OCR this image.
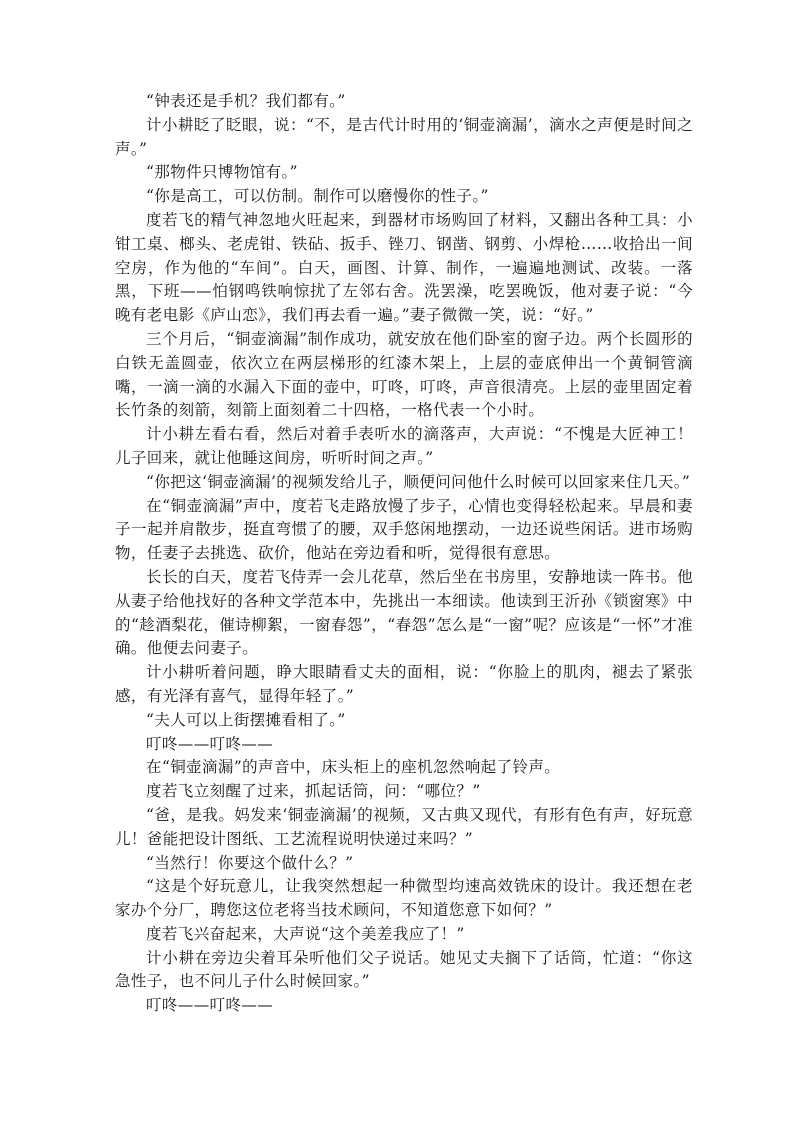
“钟表还是手机？我们都有。”

计小耕眨了眨眼，说：“不，是古代计时用的‘铜壶滴漏’，滴水之声便是时间之声。”

“那物件只博物馆有。”

“你是高工，可以仿制。制作可以磨慢你的性子。”

度若飞的精气神忽地火旺起来，到器材市场购回了材料，又翻出各种工具：小钳工桌、榔头、老虎钳、铁砧、扳手、锉刀、钢凿、钢剪、小焊枪……收拾出一间空房，作为他的“车间”。白天，画图、计算、制作，一遍遍地测试、改装。一落黑，下班——怕钢鸣铁响惊扰了左邻右舍。洗罢澡，吃罢晚饭，他对妻子说：“今晚有老电影《庐山恋》，我们再去看一遍。”妻子微微一笑，说：“好。”

三个月后，“铜壶滴漏”制作成功，就安放在他们卧室的窗子边。两个长圆形的白铁无盖圆壶，依次立在两层梯形的红漆木架上，上层的壶底伸出一个黄铜管滴嘴，一滴一滴的水漏入下面的壶中，叮咚，叮咚，声音很清亮。上层的壶里固定着长竹条的刻箭，刻箭上面刻着二十四格，一格代表一个小时。

计小耕左看右看，然后对着手表听水的滴落声，大声说：“不愧是大匠神工！儿子回来，就让他睡这间房，听听时间之声。”

“你把这‘铜壶滴漏’的视频发给儿子，顺便问问他什么时候可以回家来住几天。”

在“铜壶滴漏”声中，度若飞走路放慢了步子，心情也变得轻松起来。早晨和妻子一起并肩散步，挺直弯惯了的腰，双手悠闲地摆动，一边还说些闲话。进市场购物，任妻子去挑选、砍价，他站在旁边看和听，觉得很有意思。

长长的白天，度若飞侍弄一会儿花草，然后坐在书房里，安静地读一阵书。他从妻子给他找好的各种文学范本中，先挑出一本细读。他读到王沂孙《锁窗寒》中的“趁酒梨花，催诗柳絮，一窗春怨”，“春怨”怎么是“一窗”呢？应该是“一怀”才准确。他便去问妻子。

计小耕听着问题，睁大眼睛看丈夫的面相，说：“你脸上的肌肉，褪去了紧张感，有光泽有喜气，显得年轻了。”

“夫人可以上街摆摊看相了。”

叮咚——叮咚——

在“铜壶滴漏”的声音中，床头柜上的座机忽然响起了铃声。

度若飞立刻醒了过来，抓起话筒，问：“哪位？”

“爸，是我。妈发来‘铜壶滴漏’的视频，又古典又现代，有形有色有声，好玩意儿！爸能把设计图纸、工艺流程说明快递过来吗？”

“当然行！你要这个做什么？”

“这是个好玩意儿，让我突然想起一种微型均速高效铣床的设计。我还想在老家办个分厂，聘您这位老将当技术顾问，不知道您意下如何？”

度若飞兴奋起来，大声说“这个美差我应了！”

计小耕在旁边尖着耳朵听他们父子说话。她见丈夫搁下了话筒，忙道：“你这急性子，也不问儿子什么时候回家。”

叮咚——叮咚——
